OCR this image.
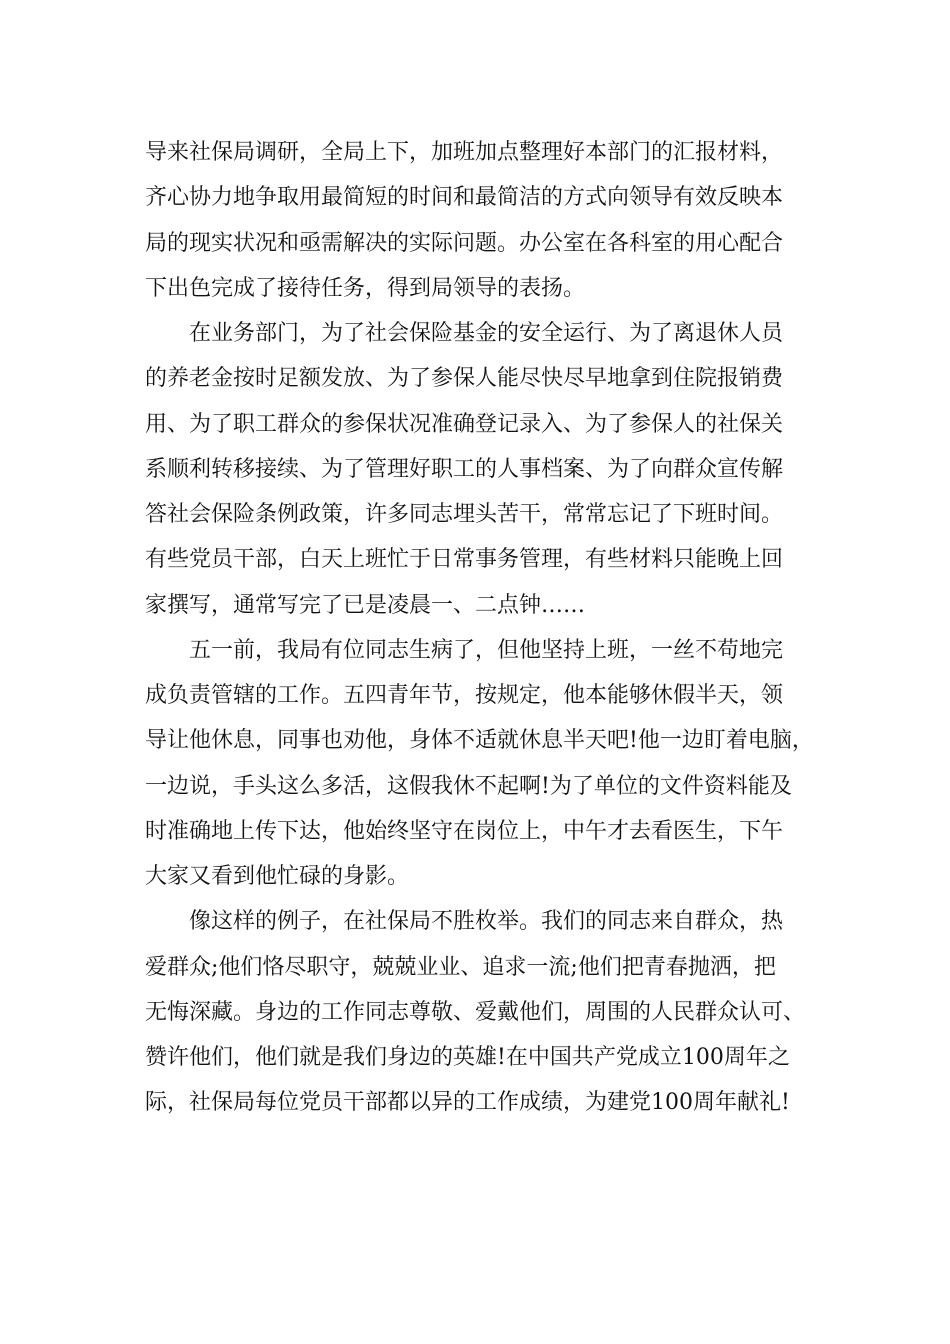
导来社保局调研，全局上下，加班加点整理好本部门的汇报材料，

齐心协力地争取用最简短的时间和最简洁的方式向领导有效反映本

局的现实状况和亟需解决的实际问题。办公室在各科室的用心配合

下出色完成了接待任务，得到局领导的表扬。

在业务部门，为了社会保险基金的安全运行、为了离退休人员

的养老金按时足额发放、为了参保人能尽快尽早地拿到住院报销费

用、为了职工群众的参保状况准确登记录入、为了参保人的社保关

系顺利转移接续、为了管理好职工的人事档案、为了向群众宣传解

答社会保险条例政策，许多同志埋头苦干，常常忘记了下班时间。

有些党员干部，白天上班忙于日常事务管理，有些材料只能晚上回

家撰写，通常写完了已是凌晨一、二点钟……

五一前，我局有位同志生病了，但他坚持上班，一丝不苟地完

成负责管辖的工作。五四青年节，按规定，他本能够休假半天，领

导让他休息，同事也劝他，身体不适就休息半天吧!他一边盯着电脑，

一边说，手头这么多活，这假我休不起啊!为了单位的文件资料能及

时准确地上传下达，他始终坚守在岗位上，中午才去看医生，下午

大家又看到他忙碌的身影。

像这样的例子，在社保局不胜枚举。我们的同志来自群众，热

爱群众;他们恪尽职守，兢兢业业、追求一流;他们把青春抛洒，把

无悔深藏。身边的工作同志尊敬、爱戴他们，周围的人民群众认可、

赞许他们，他们就是我们身边的英雄!在中国共产党成立100周年之

际，社保局每位党员干部都以异的工作成绩，为建党100周年献礼!
